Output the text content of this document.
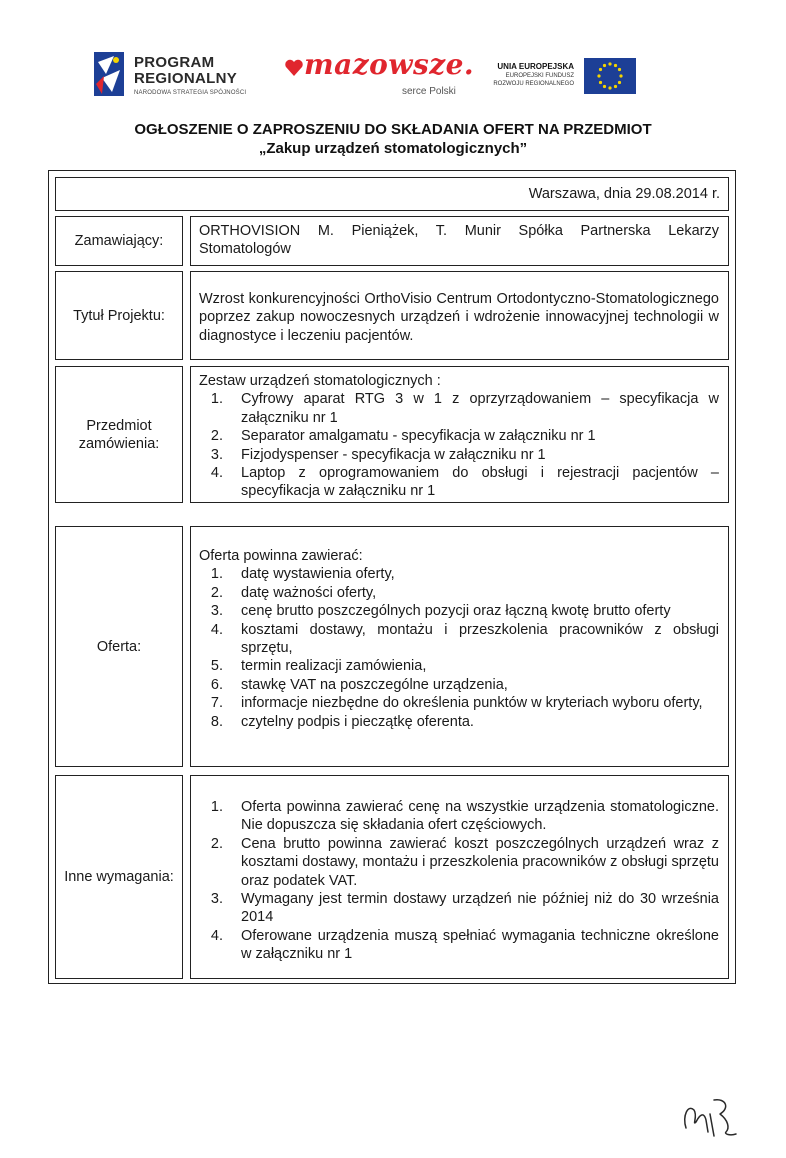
PROGRAM
REGIONALNY
NARODOWA STRATEGIA SPÓJNOŚCI
mazowsze.
serce Polski
UNIA EUROPEJSKA
EUROPEJSKI FUNDUSZ
ROZWOJU REGIONALNEGO
OGŁOSZENIE O ZAPROSZENIU DO SKŁADANIA OFERT NA PRZEDMIOT
„Zakup urządzeń stomatologicznych”
Warszawa, dnia 29.08.2014 r.
Zamawiający:
ORTHOVISION M. Pieniążek, T. Munir Spółka Partnerska Lekarzy Stomatologów
Tytuł Projektu:
Wzrost konkurencyjności OrthoVisio Centrum Ortodontyczno-Stomatologicznego poprzez zakup nowoczesnych urządzeń i wdrożenie innowacyjnej technologii w diagnostyce i leczeniu pacjentów.
Przedmiot
zamówienia:
Zestaw urządzeń stomatologicznych :
1. Cyfrowy aparat RTG 3 w 1 z oprzyrządowaniem – specyfikacja w załączniku nr 1
2. Separator amalgamatu - specyfikacja w załączniku nr 1
3. Fizjodyspenser - specyfikacja w załączniku nr 1
4. Laptop z oprogramowaniem do obsługi i rejestracji pacjentów – specyfikacja w załączniku nr 1
Oferta:
Oferta powinna zawierać:
1. datę wystawienia oferty,
2. datę ważności oferty,
3. cenę brutto poszczególnych pozycji oraz łączną kwotę brutto oferty
4. kosztami dostawy, montażu i przeszkolenia pracowników z obsługi sprzętu,
5. termin realizacji zamówienia,
6. stawkę VAT na poszczególne urządzenia,
7. informacje niezbędne do określenia punktów w kryteriach wyboru oferty,
8. czytelny podpis i pieczątkę oferenta.
Inne wymagania:
1. Oferta powinna zawierać cenę na wszystkie urządzenia stomatologiczne. Nie dopuszcza się składania ofert częściowych.
2. Cena brutto powinna zawierać koszt poszczególnych urządzeń wraz z kosztami dostawy, montażu i przeszkolenia pracowników z obsługi sprzętu oraz podatek VAT.
3. Wymagany jest termin dostawy urządzeń nie później niż do 30 września 2014
4. Oferowane urządzenia muszą spełniać wymagania techniczne określone w załączniku nr 1
